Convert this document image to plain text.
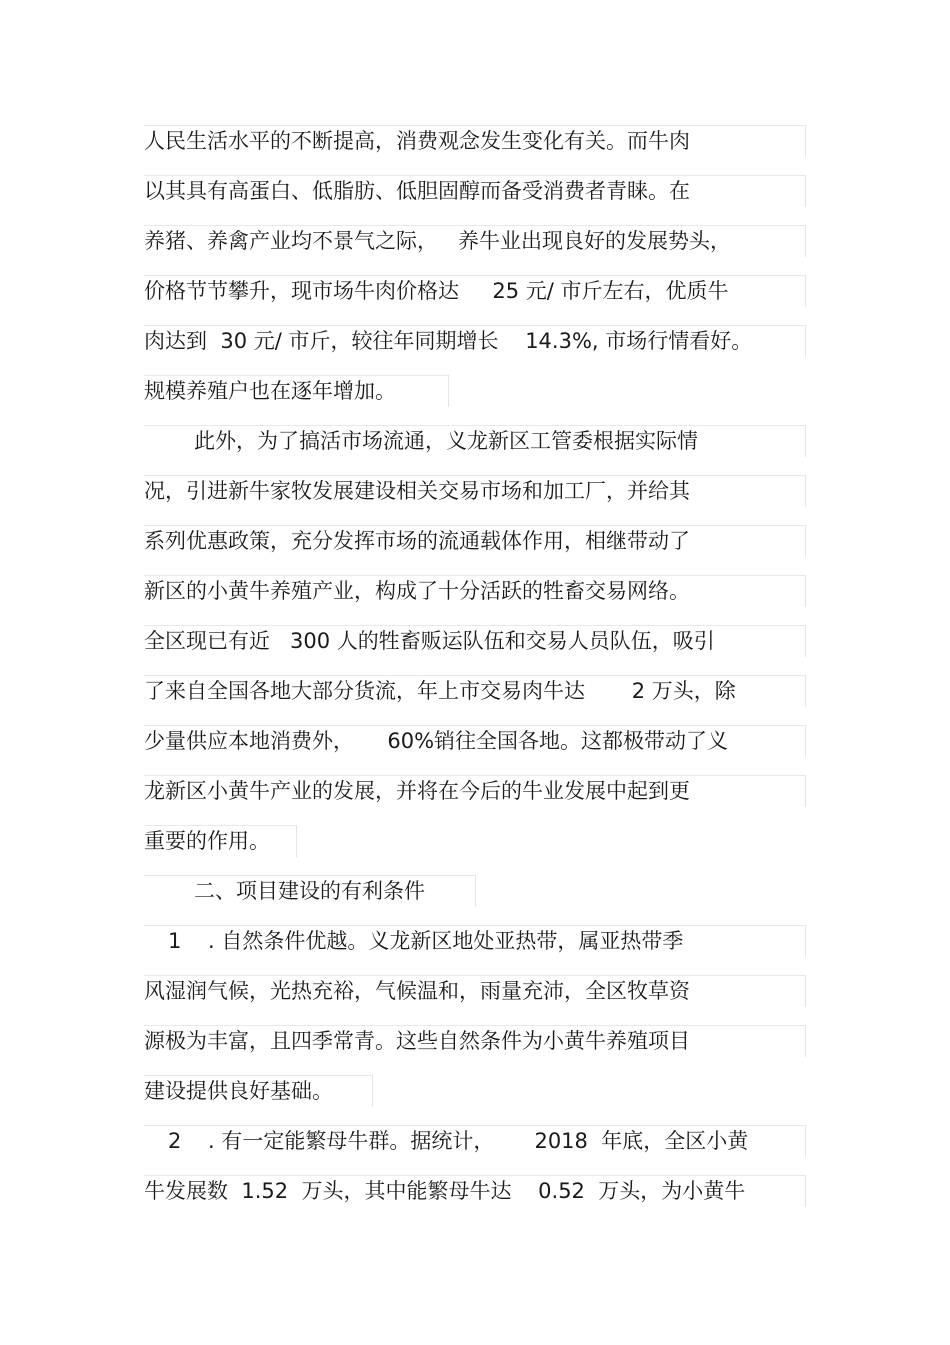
人民生活水平的不断提高，消费观念发生变化有关。而牛肉
以其具有高蛋白、低脂肪、低胆固醇而备受消费者青睐。在
养猪、养禽产业均不景气之际，   养牛业出现良好的发展势头，
价格节节攀升，现市场牛肉价格达     25 元/ 市斤左右，优质牛
肉达到  30 元/ 市斤，较往年同期增长    14.3%, 市场行情看好。
规模养殖户也在逐年增加。
此外，为了搞活市场流通，义龙新区工管委根据实际情
况，引进新牛家牧发展建设相关交易市场和加工厂，并给其
系列优惠政策，充分发挥市场的流通载体作用，相继带动了
新区的小黄牛养殖产业，构成了十分活跃的牲畜交易网络。
全区现已有近   300 人的牲畜贩运队伍和交易人员队伍，吸引
了来自全国各地大部分货流，年上市交易肉牛达       2 万头，除
少量供应本地消费外，     60%销往全国各地。这都极带动了义
龙新区小黄牛产业的发展，并将在今后的牛业发展中起到更
重要的作用。
二、项目建设的有利条件
1    . 自然条件优越。义龙新区地处亚热带，属亚热带季
风湿润气候，光热充裕，气候温和，雨量充沛，全区牧草资
源极为丰富，且四季常青。这些自然条件为小黄牛养殖项目
建设提供良好基础。
2    . 有一定能繁母牛群。据统计，      2018  年底，全区小黄
牛发展数  1.52  万头，其中能繁母牛达    0.52  万头，为小黄牛
